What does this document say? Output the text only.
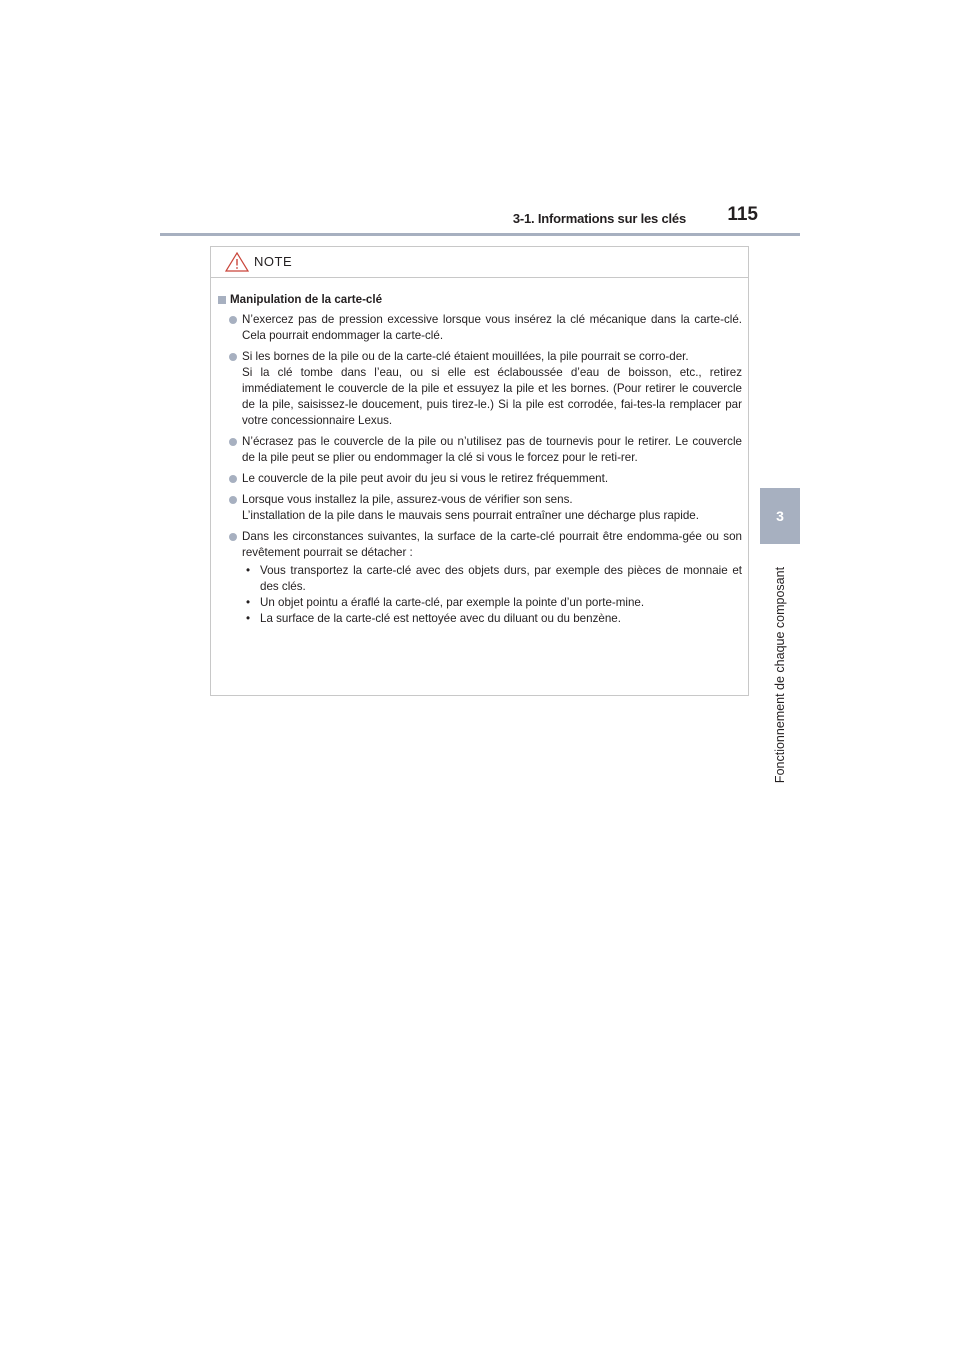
3-1. Informations sur les clés 115
3
Fonctionnement de chaque composant
NOTE
Manipulation de la carte-clé

N’exercez pas de pression excessive lorsque vous insérez la clé mécanique dans la carte-clé. Cela pourrait endommager la carte-clé.

Si les bornes de la pile ou de la carte-clé étaient mouillées, la pile pourrait se corro-der.

Si la clé tombe dans l’eau, ou si elle est éclaboussée d’eau de boisson, etc., retirez immédiatement le couvercle de la pile et essuyez la pile et les bornes. (Pour retirer le couvercle de la pile, saisissez-le doucement, puis tirez-le.) Si la pile est corrodée, fai-tes-la remplacer par votre concessionnaire Lexus.

N’écrasez pas le couvercle de la pile ou n’utilisez pas de tournevis pour le retirer. Le couvercle de la pile peut se plier ou endommager la clé si vous le forcez pour le reti-rer.

Le couvercle de la pile peut avoir du jeu si vous le retirez fréquemment.

Lorsque vous installez la pile, assurez-vous de vérifier son sens.

L’installation de la pile dans le mauvais sens pourrait entraîner une décharge plus rapide.

Dans les circonstances suivantes, la surface de la carte-clé pourrait être endomma-gée ou son revêtement pourrait se détacher :

• Vous transportez la carte-clé avec des objets durs, par exemple des pièces de monnaie et des clés.
• Un objet pointu a éraflé la carte-clé, par exemple la pointe d’un porte-mine.
• La surface de la carte-clé est nettoyée avec du diluant ou du benzène.
